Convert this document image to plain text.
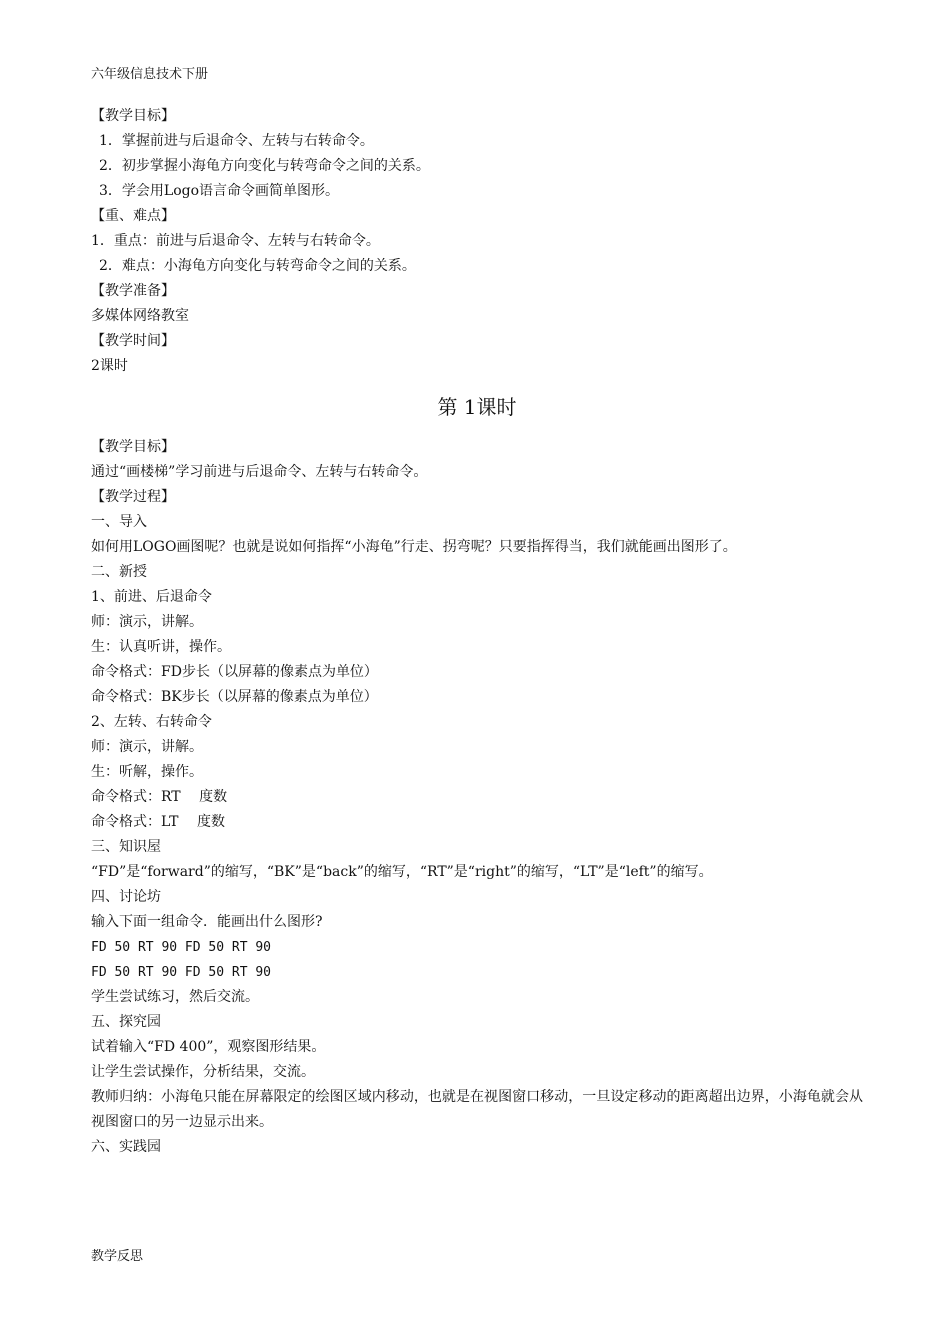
六年级信息技术下册
【教学目标】
1．掌握前进与后退命令、左转与右转命令。
2．初步掌握小海龟方向变化与转弯命令之间的关系。
3．学会用Logo语言命令画简单图形。
【重、难点】
1．重点：前进与后退命令、左转与右转命令。
2．难点：小海龟方向变化与转弯命令之间的关系。
【教学准备】
多媒体网络教室
【教学时间】
2课时
第 1课时
【教学目标】
通过“画楼梯”学习前进与后退命令、左转与右转命令。
【教学过程】
一、导入
如何用LOGO画图呢？也就是说如何指挥“小海龟”行走、拐弯呢？只要指挥得当，我们就能画出图形了。
二、新授
1、前进、后退命令
师：演示，讲解。
生：认真听讲，操作。
命令格式：FD步长（以屏幕的像素点为单位）
命令格式：BK步长（以屏幕的像素点为单位）
2、左转、右转命令
师：演示，讲解。
生：听解，操作。
命令格式：RT　 度数
命令格式：LT　 度数
三、知识屋
“FD”是“forward”的缩写，“BK”是“back”的缩写，“RT”是“right”的缩写，“LT”是“left”的缩写。
四、讨论坊
输入下面一组命令．能画出什么图形?
FD 50 RT 90 FD 50 RT 90
FD 50 RT 90 FD 50 RT 90
学生尝试练习，然后交流。
五、探究园
试着输入“FD 400”，观察图形结果。
让学生尝试操作，分析结果，交流。
教师归纳：小海龟只能在屏幕限定的绘图区域内移动，也就是在视图窗口移动，一旦设定移动的距离超出边界，小海龟就会从视图窗口的另一边显示出来。
六、实践园
教学反思
